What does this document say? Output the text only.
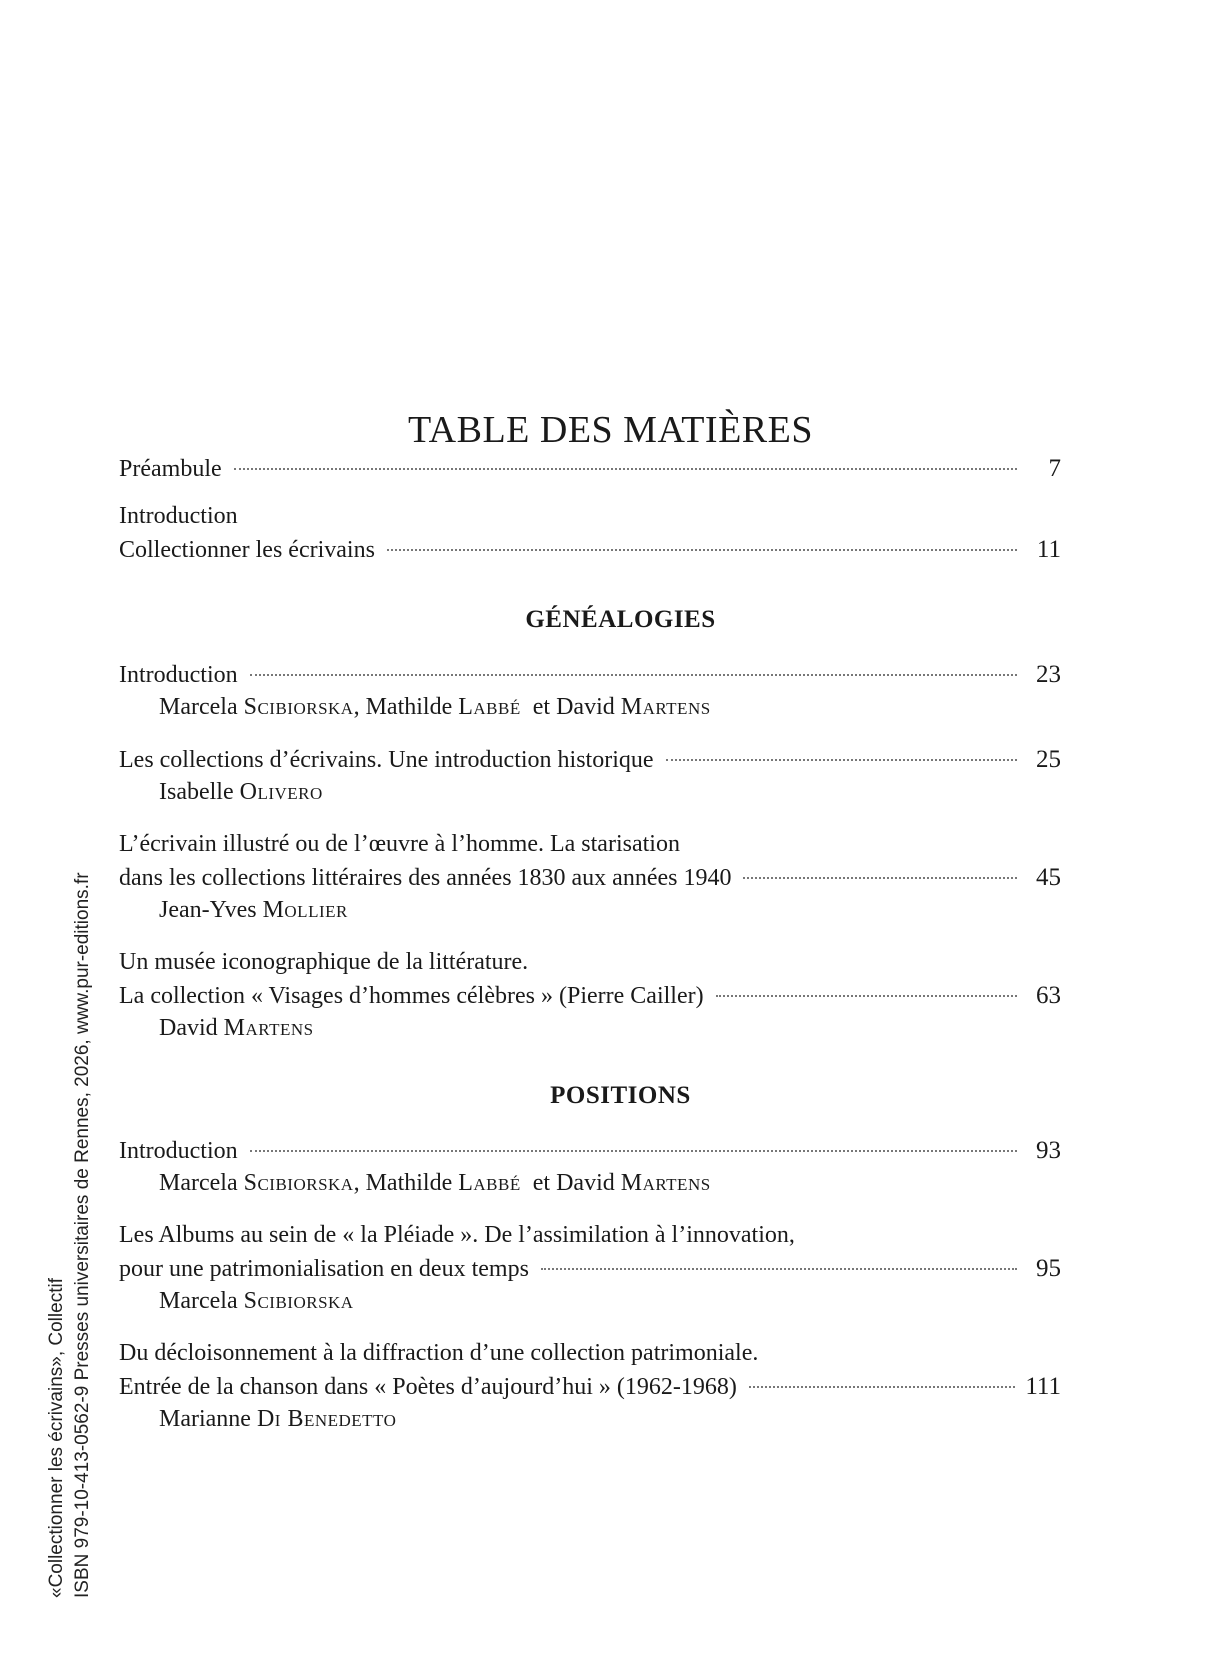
«Collectionner les écrivains», Collectif ISBN 979-10-413-0562-9 Presses universitaires de Rennes, 2026, www.pur-editions.fr
TABLE DES MATIÈRES
Préambule	7
Introduction
Collectionner les écrivains	11
GÉNÉALOGIES
Introduction	23
Marcela Scibiorska, Mathilde Labbé et David Martens
Les collections d’écrivains. Une introduction historique	25
Isabelle Olivero
L’écrivain illustré ou de l’œuvre à l’homme. La starisation
dans les collections littéraires des années 1830 aux années 1940	45
Jean-Yves Mollier
Un musée iconographique de la littérature.
La collection « Visages d’hommes célèbres » (Pierre Cailler)	63
David Martens
POSITIONS
Introduction	93
Marcela Scibiorska, Mathilde Labbé et David Martens
Les Albums au sein de « la Pléiade ». De l’assimilation à l’innovation,
pour une patrimonialisation en deux temps	95
Marcela Scibiorska
Du décloisonnement à la diffraction d’une collection patrimoniale.
Entrée de la chanson dans « Poètes d’aujourd’hui » (1962-1968)	111
Marianne Di Benedetto
